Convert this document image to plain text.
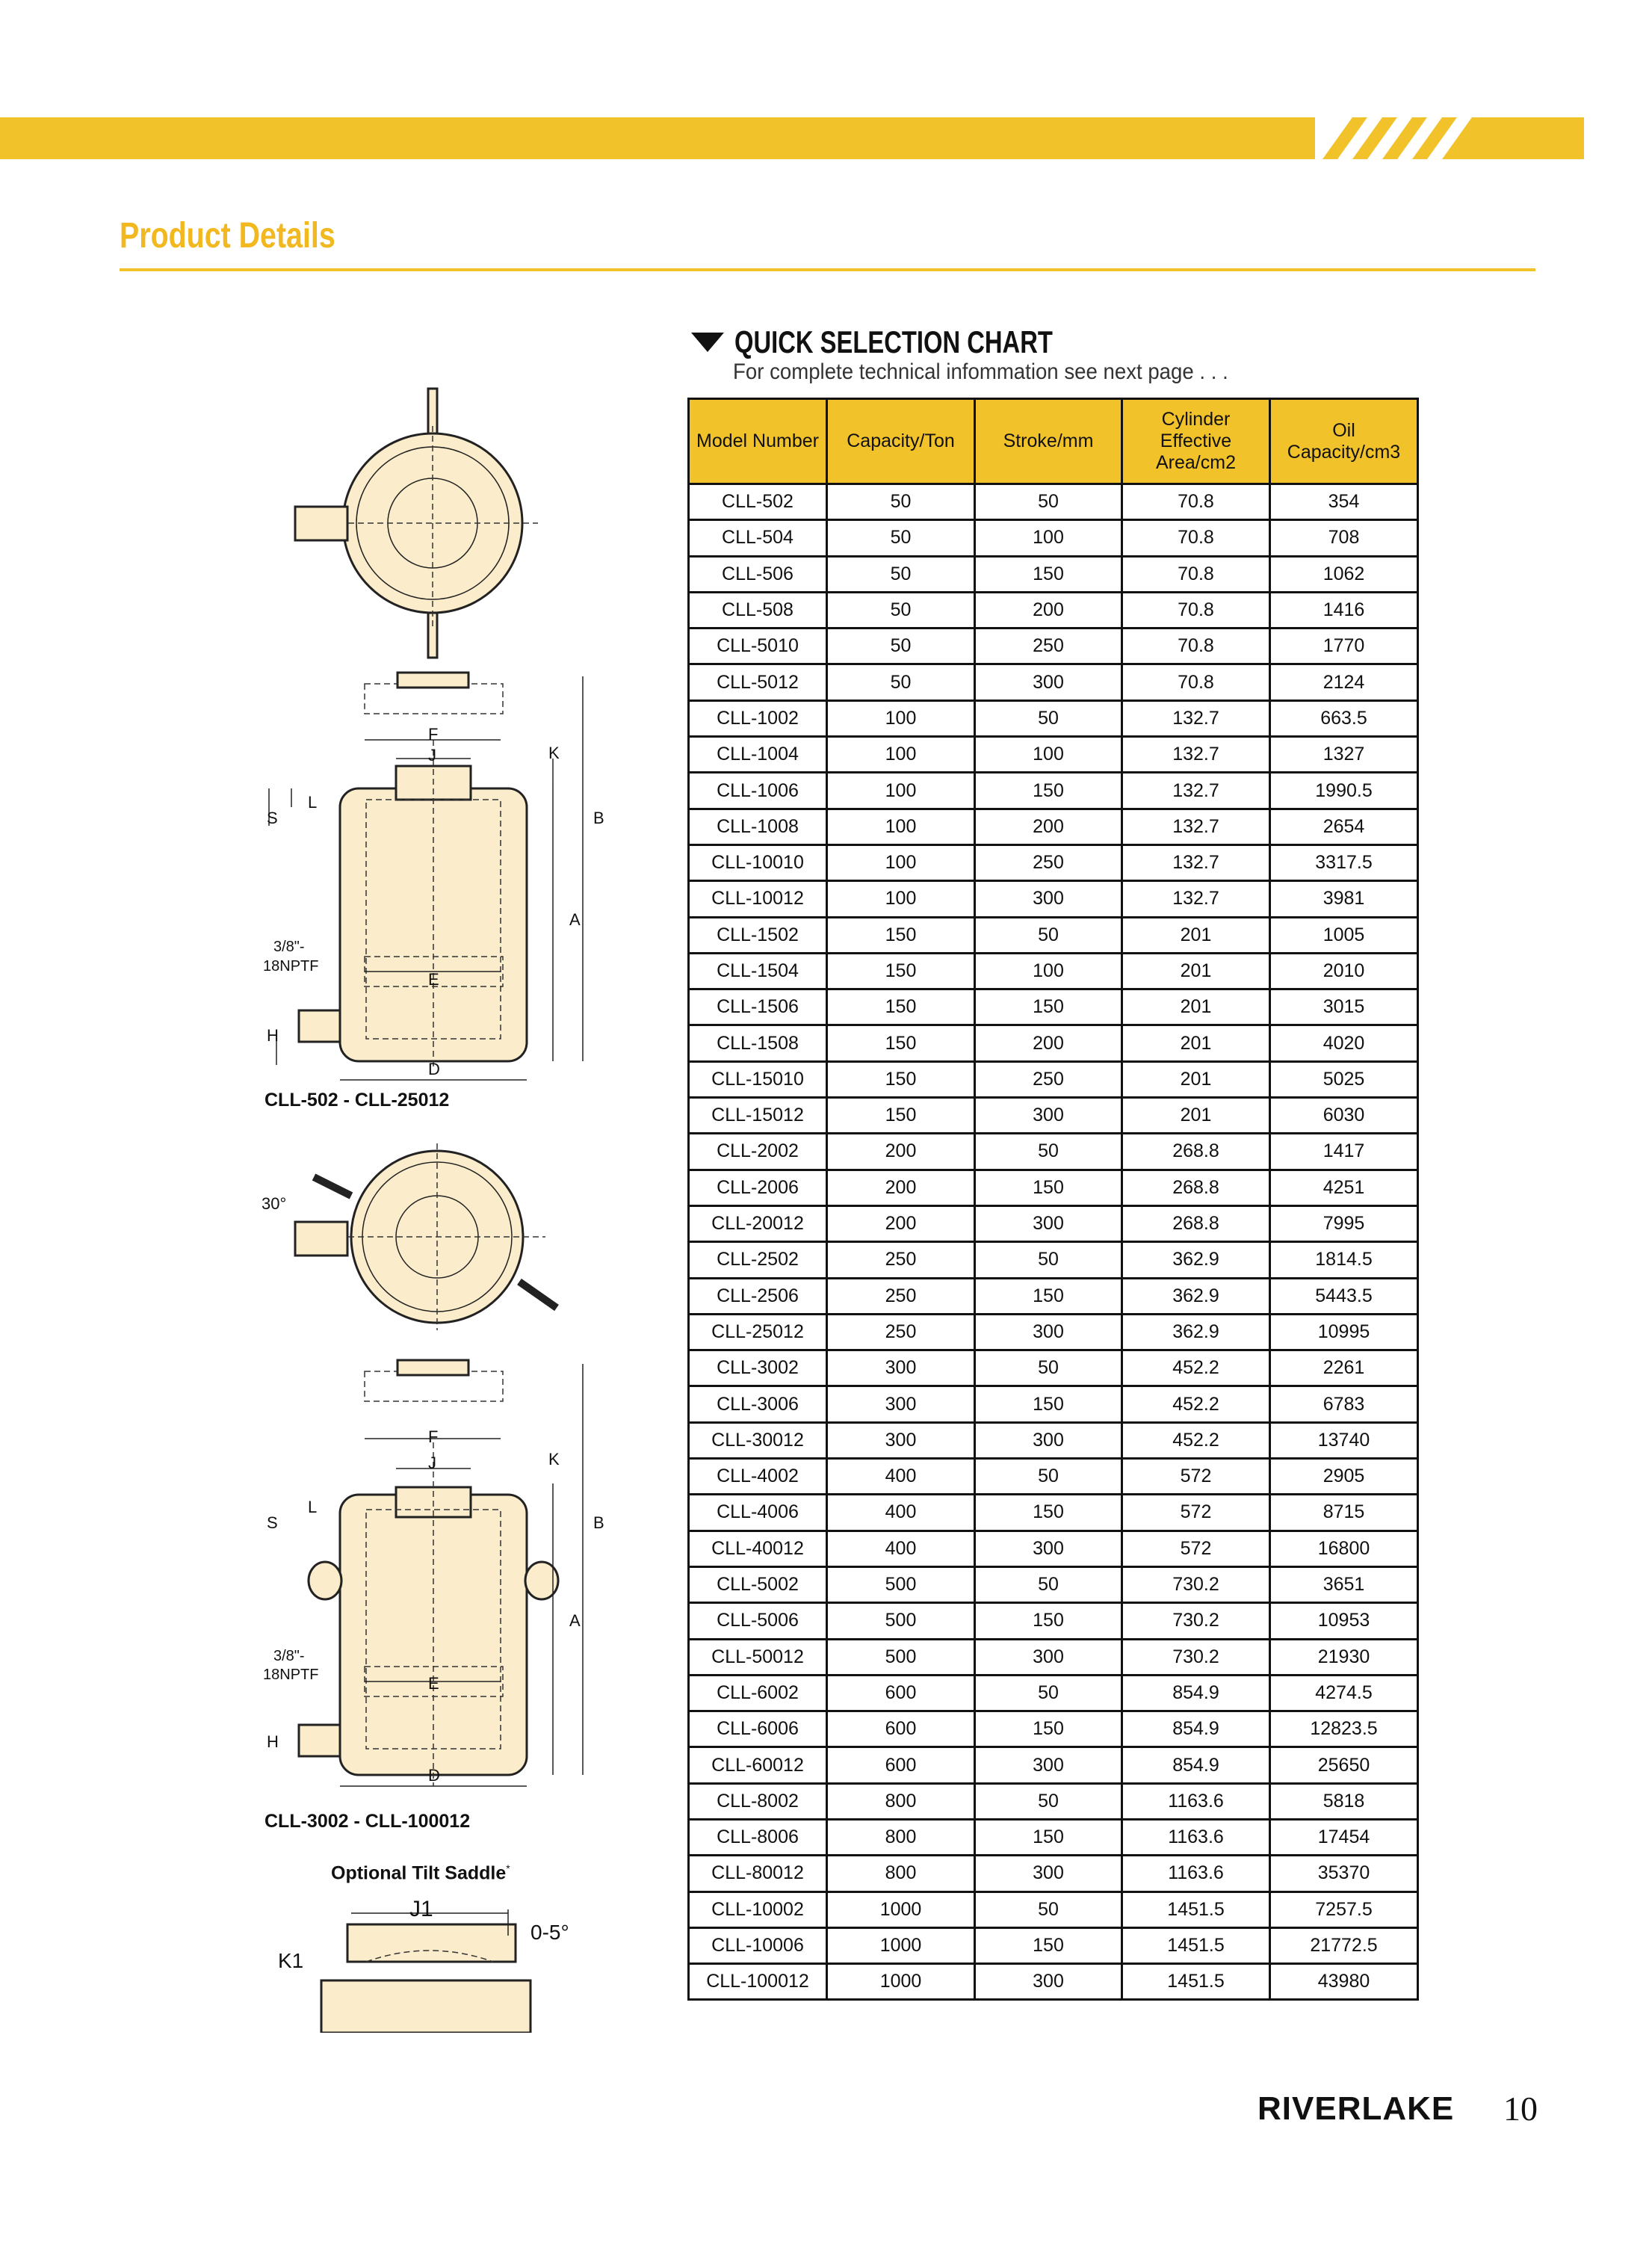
Product Details
QUICK SELECTION CHART
For complete technical infommation see next page . . .
Model Number	Capacity/Ton	Stroke/mm	Cylinder Effective Area/cm2	Oil Capacity/cm3
CLL-502	50	50	70.8	354
CLL-504	50	100	70.8	708
CLL-506	50	150	70.8	1062
CLL-508	50	200	70.8	1416
CLL-5010	50	250	70.8	1770
CLL-5012	50	300	70.8	2124
CLL-1002	100	50	132.7	663.5
CLL-1004	100	100	132.7	1327
CLL-1006	100	150	132.7	1990.5
CLL-1008	100	200	132.7	2654
CLL-10010	100	250	132.7	3317.5
CLL-10012	100	300	132.7	3981
CLL-1502	150	50	201	1005
CLL-1504	150	100	201	2010
CLL-1506	150	150	201	3015
CLL-1508	150	200	201	4020
CLL-15010	150	250	201	5025
CLL-15012	150	300	201	6030
CLL-2002	200	50	268.8	1417
CLL-2006	200	150	268.8	4251
CLL-20012	200	300	268.8	7995
CLL-2502	250	50	362.9	1814.5
CLL-2506	250	150	362.9	5443.5
CLL-25012	250	300	362.9	10995
CLL-3002	300	50	452.2	2261
CLL-3006	300	150	452.2	6783
CLL-30012	300	300	452.2	13740
CLL-4002	400	50	572	2905
CLL-4006	400	150	572	8715
CLL-40012	400	300	572	16800
CLL-5002	500	50	730.2	3651
CLL-5006	500	150	730.2	10953
CLL-50012	500	300	730.2	21930
CLL-6002	600	50	854.9	4274.5
CLL-6006	600	150	854.9	12823.5
CLL-60012	600	300	854.9	25650
CLL-8002	800	50	1163.6	5818
CLL-8006	800	150	1163.6	17454
CLL-80012	800	300	1163.6	35370
CLL-10002	1000	50	1451.5	7257.5
CLL-10006	1000	150	1451.5	21772.5
CLL-100012	1000	300	1451.5	43980
F
J	K
L
S	B
A
3/8"-
18NPTF
E
H
D
CLL-502 - CLL-25012
30°
F
J	K
L
S	B
A
3/8"-
18NPTF	E
H
D
CLL-3002 - CLL-100012
Optional Tilt Saddle*
J1
0-5°
K1
RIVERLAKE 10
